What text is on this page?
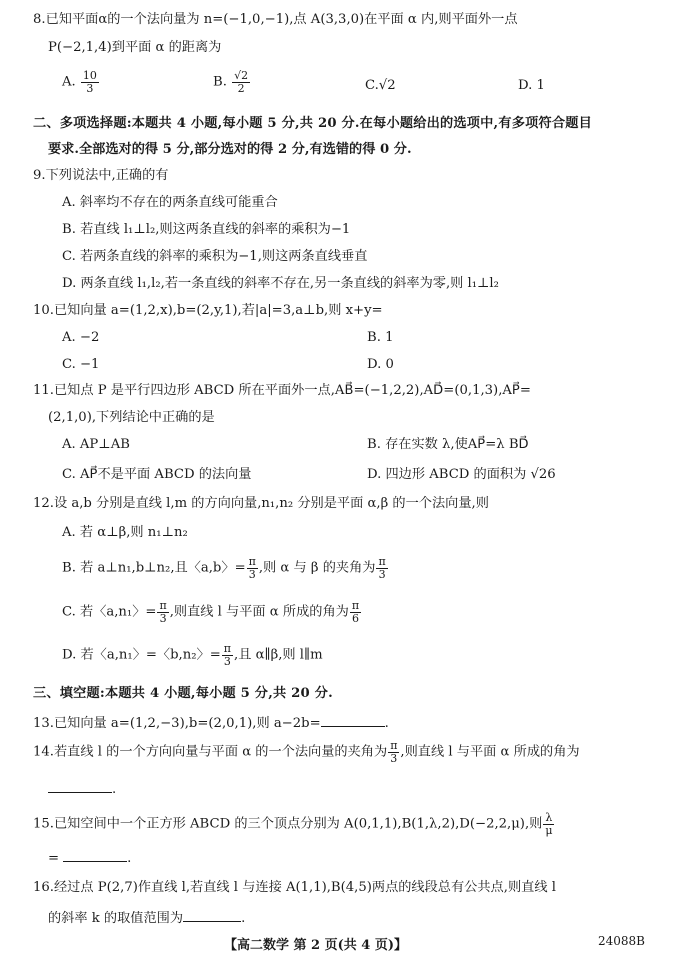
8.已知平面α的一个法向量为 n=(−1,0,−1),点 A(3,3,0)在平面 α 内,则平面外一点
P(−2,1,4)到平面 α 的距离为
A. $\frac{10}{3}$	B. $\frac{√2}{2}$	C.√2	D. 1
二、多项选择题:本题共 4 小题,每小题 5 分,共 20 分.在每小题给出的选项中,有多项符合题目
要求.全部选对的得 5 分,部分选对的得 2 分,有选错的得 0 分.
9.下列说法中,正确的有
A. 斜率均不存在的两条直线可能重合
B. 若直线 l₁⊥l₂,则这两条直线的斜率的乘积为−1
C. 若两条直线的斜率的乘积为−1,则这两条直线垂直
D. 两条直线 l₁,l₂,若一条直线的斜率不存在,另一条直线的斜率为零,则 l₁⊥l₂
10.已知向量 a=(1,2,x),b=(2,y,1),若|a|=3,a⊥b,则 x+y=
A. −2	B. 1
C. −1	D. 0
11.已知点 P 是平行四边形 ABCD 所在平面外一点,AB⃗=(−1,2,2),AD⃗=(0,1,3),AP⃗=
(2,1,0),下列结论中正确的是
A. AP⊥AB	B. 存在实数 λ,使AP⃗=λ BD⃗
C. AP⃗不是平面 ABCD 的法向量	D. 四边形 ABCD 的面积为 √26
12.设 a,b 分别是直线 l,m 的方向向量,n₁,n₂ 分别是平面 α,β 的一个法向量,则
A. 若 α⊥β,则 n₁⊥n₂
B. 若 a⊥n₁,b⊥n₂,且〈a,b〉= $\frac{\pi}{3}$ ,则 α 与 β 的夹角为 $\frac{\pi}{3}$
C. 若〈a,n₁〉= $\frac{\pi}{3}$ ,则直线 l 与平面 α 所成的角为 $\frac{\pi}{6}$
D. 若〈a,n₁〉=〈b,n₂〉= $\frac{\pi}{3}$ ,且 α∥β,则 l∥m
三、填空题:本题共 4 小题,每小题 5 分,共 20 分.
13.已知向量 a=(1,2,−3),b=(2,0,1),则 a−2b=	.
14.若直线 l 的一个方向向量与平面 α 的一个法向量的夹角为 $\frac{\pi}{3}$ ,则直线 l 与平面 α 所成的角为
.
15.已知空间中一个正方形 ABCD 的三个顶点分别为 A(0,1,1),B(1,λ,2),D(−2,2,μ),则 $\frac{\lambda}{\mu}$
=	.
16.经过点 P(2,7)作直线 l,若直线 l 与连接 A(1,1),B(4,5)两点的线段总有公共点,则直线 l
的斜率 k 的取值范围为	.
【高二数学 第 2 页(共 4 页)】	24088B
